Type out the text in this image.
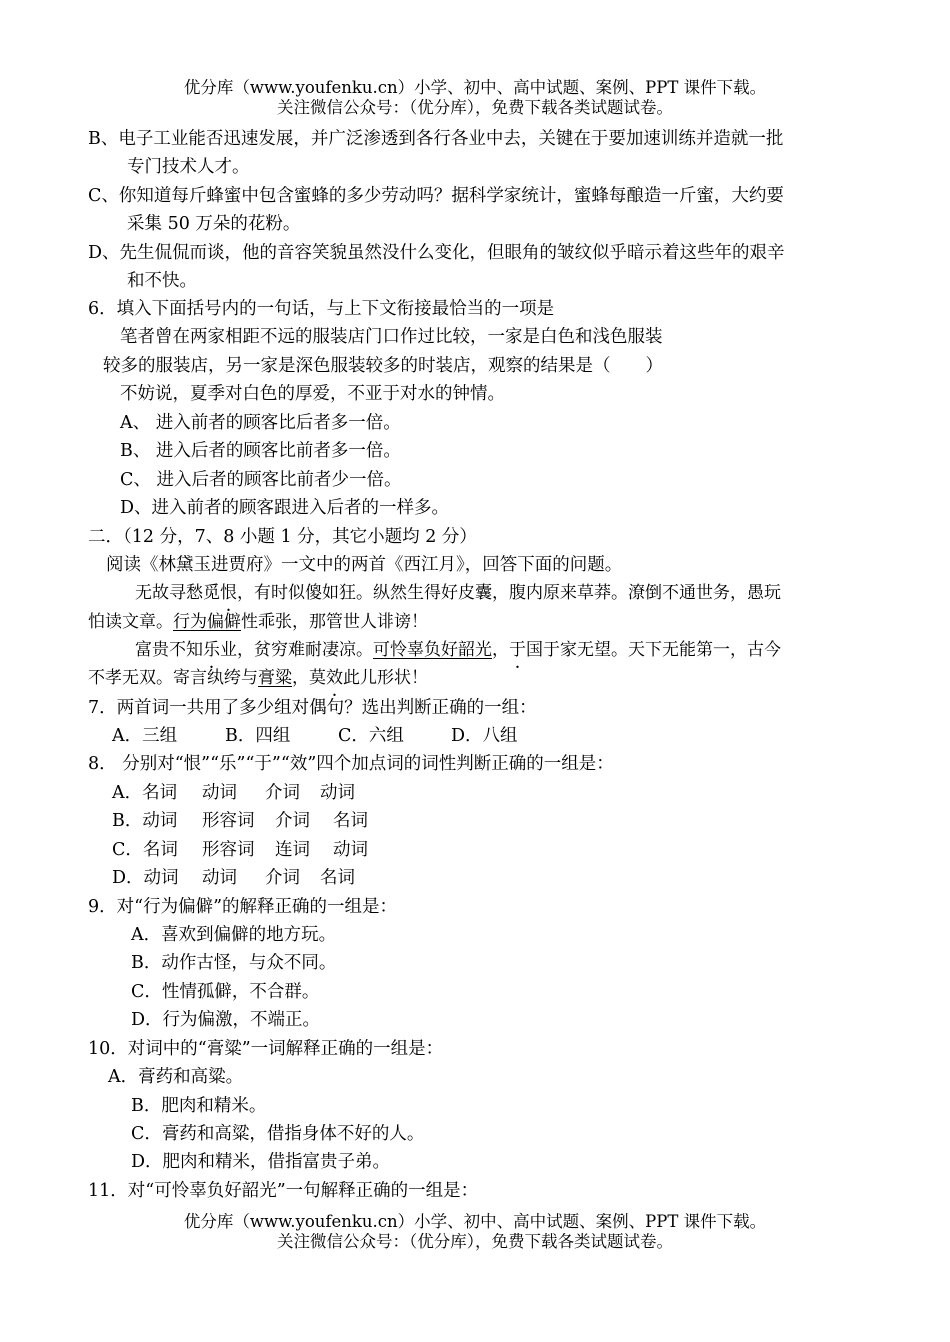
优分库（www.youfenku.cn）小学、初中、高中试题、案例、PPT 课件下载。
关注微信公众号：（优分库），免费下载各类试题试卷。
B、电子工业能否迅速发展，并广泛渗透到各行各业中去，关键在于要加速训练并造就一批
专门技术人才。
C、你知道每斤蜂蜜中包含蜜蜂的多少劳动吗？据科学家统计，蜜蜂每酿造一斤蜜，大约要
采集 50 万朵的花粉。
D、先生侃侃而谈，他的音容笑貌虽然没什么变化，但眼角的皱纹似乎暗示着这些年的艰辛
和不快。
6．填入下面括号内的一句话，与上下文衔接最恰当的一项是
笔者曾在两家相距不远的服装店门口作过比较，一家是白色和浅色服装
较多的服装店，另一家是深色服装较多的时装店，观察的结果是（　　）
不妨说，夏季对白色的厚爱，不亚于对水的钟情。
A、 进入前者的顾客比后者多一倍。
B、 进入后者的顾客比前者多一倍。
C、 进入后者的顾客比前者少一倍。
D、进入前者的顾客跟进入后者的一样多。
二．（12 分，7、8 小题 1 分，其它小题均 2 分）
阅读《林黛玉进贾府》一文中的两首《西江月》，回答下面的问题。
无故寻愁觅恨，有时似傻如狂。纵然生得好皮囊，腹内原来草莽。潦倒不通世务，愚玩
怕读文章。行为偏僻性乖张，那管世人诽谤！
富贵不知乐业，贫穷难耐凄凉。可怜辜负好韶光，于国于家无望。天下无能第一，古今
不孝无双。寄言纨绔与膏粱，莫效此儿形状！
7．两首词一共用了多少组对偶句？选出判断正确的一组：
A．三组	B．四组	C．六组	D．八组
8． 分别对“恨”“乐”“于”“效”四个加点词的词性判断正确的一组是：
A．名词 动词 介词 动词
B．动词 形容词 介词 名词
C．名词 形容词 连词 动词
D．动词 动词 介词 名词
9．对“行为偏僻”的解释正确的一组是：
A．喜欢到偏僻的地方玩。
B．动作古怪，与众不同。
C．性情孤僻，不合群。
D．行为偏激，不端正。
10．对词中的“膏粱”一词解释正确的一组是：
A．膏药和高粱。
B．肥肉和精米。
C．膏药和高粱，借指身体不好的人。
D．肥肉和精米，借指富贵子弟。
11．对“可怜辜负好韶光”一句解释正确的一组是：
优分库（www.youfenku.cn）小学、初中、高中试题、案例、PPT 课件下载。
关注微信公众号：（优分库），免费下载各类试题试卷。
